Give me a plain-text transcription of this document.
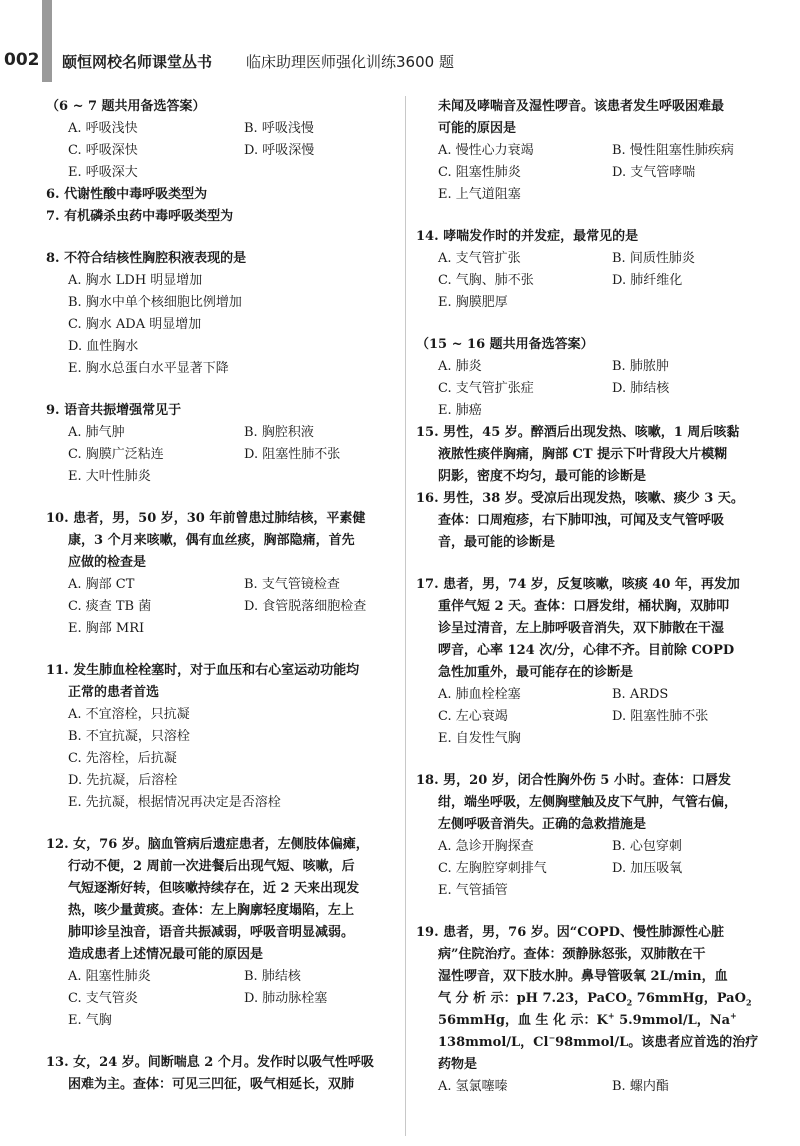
002 颐恒网校名师课堂丛书 临床助理医师强化训练3600 题
（6 ~ 7 题共用备选答案）
A. 呼吸浅快	B. 呼吸浅慢
C. 呼吸深快	D. 呼吸深慢
E. 呼吸深大
6. 代谢性酸中毒呼吸类型为
7. 有机磷杀虫药中毒呼吸类型为
8. 不符合结核性胸腔积液表现的是
A. 胸水 LDH 明显增加
B. 胸水中单个核细胞比例增加
C. 胸水 ADA 明显增加
D. 血性胸水
E. 胸水总蛋白水平显著下降
9. 语音共振增强常见于
A. 肺气肿	B. 胸腔积液
C. 胸膜广泛粘连	D. 阻塞性肺不张
E. 大叶性肺炎
10. 患者，男，50 岁，30 年前曾患过肺结核，平素健
康，3 个月来咳嗽，偶有血丝痰，胸部隐痛，首先
应做的检查是
A. 胸部 CT	B. 支气管镜检查
C. 痰查 TB 菌	D. 食管脱落细胞检查
E. 胸部 MRI
11. 发生肺血栓栓塞时，对于血压和右心室运动功能均
正常的患者首选
A. 不宜溶栓，只抗凝
B. 不宜抗凝，只溶栓
C. 先溶栓，后抗凝
D. 先抗凝，后溶栓
E. 先抗凝，根据情况再决定是否溶栓
12. 女，76 岁。脑血管病后遗症患者，左侧肢体偏瘫，
行动不便，2 周前一次进餐后出现气短、咳嗽，后
气短逐渐好转，但咳嗽持续存在，近 2 天来出现发
热，咳少量黄痰。查体：左上胸廓轻度塌陷，左上
肺叩诊呈浊音，语音共振减弱，呼吸音明显减弱。
造成患者上述情况最可能的原因是
A. 阻塞性肺炎	B. 肺结核
C. 支气管炎	D. 肺动脉栓塞
E. 气胸
13. 女，24 岁。间断喘息 2 个月。发作时以吸气性呼吸
困难为主。查体：可见三凹征，吸气相延长，双肺
未闻及哮喘音及湿性啰音。该患者发生呼吸困难最
可能的原因是
A. 慢性心力衰竭	B. 慢性阻塞性肺疾病
C. 阻塞性肺炎	D. 支气管哮喘
E. 上气道阻塞
14. 哮喘发作时的并发症，最常见的是
A. 支气管扩张	B. 间质性肺炎
C. 气胸、肺不张	D. 肺纤维化
E. 胸膜肥厚
（15 ~ 16 题共用备选答案）
A. 肺炎	B. 肺脓肿
C. 支气管扩张症	D. 肺结核
E. 肺癌
15. 男性，45 岁。醉酒后出现发热、咳嗽，1 周后咳黏
液脓性痰伴胸痛，胸部 CT 提示下叶背段大片模糊
阴影，密度不均匀，最可能的诊断是
16. 男性，38 岁。受凉后出现发热，咳嗽、痰少 3 天。
查体：口周疱疹，右下肺叩浊，可闻及支气管呼吸
音，最可能的诊断是
17. 患者，男，74 岁，反复咳嗽，咳痰 40 年，再发加
重伴气短 2 天。查体：口唇发绀，桶状胸，双肺叩
诊呈过清音，左上肺呼吸音消失，双下肺散在干湿
啰音，心率 124 次/分，心律不齐。目前除 COPD
急性加重外，最可能存在的诊断是
A. 肺血栓栓塞	B. ARDS
C. 左心衰竭	D. 阻塞性肺不张
E. 自发性气胸
18. 男，20 岁，闭合性胸外伤 5 小时。查体：口唇发
绀，端坐呼吸，左侧胸壁触及皮下气肿，气管右偏，
左侧呼吸音消失。正确的急救措施是
A. 急诊开胸探查	B. 心包穿刺
C. 左胸腔穿刺排气	D. 加压吸氧
E. 气管插管
19. 患者，男，76 岁。因“COPD、慢性肺源性心脏
病”住院治疗。查体：颈静脉怒张，双肺散在干
湿性啰音，双下肢水肿。鼻导管吸氧 2L/min，血
气 分 析 示：pH 7.23，PaCO$_2$ 76mmHg，PaO$_2$
56mmHg，血 生 化 示：K+ 5.9mmol/L，Na+
138mmol/L，Cl−98mmol/L。该患者应首选的治疗
药物是
A. 氢氯噻嗪	B. 螺内酯
